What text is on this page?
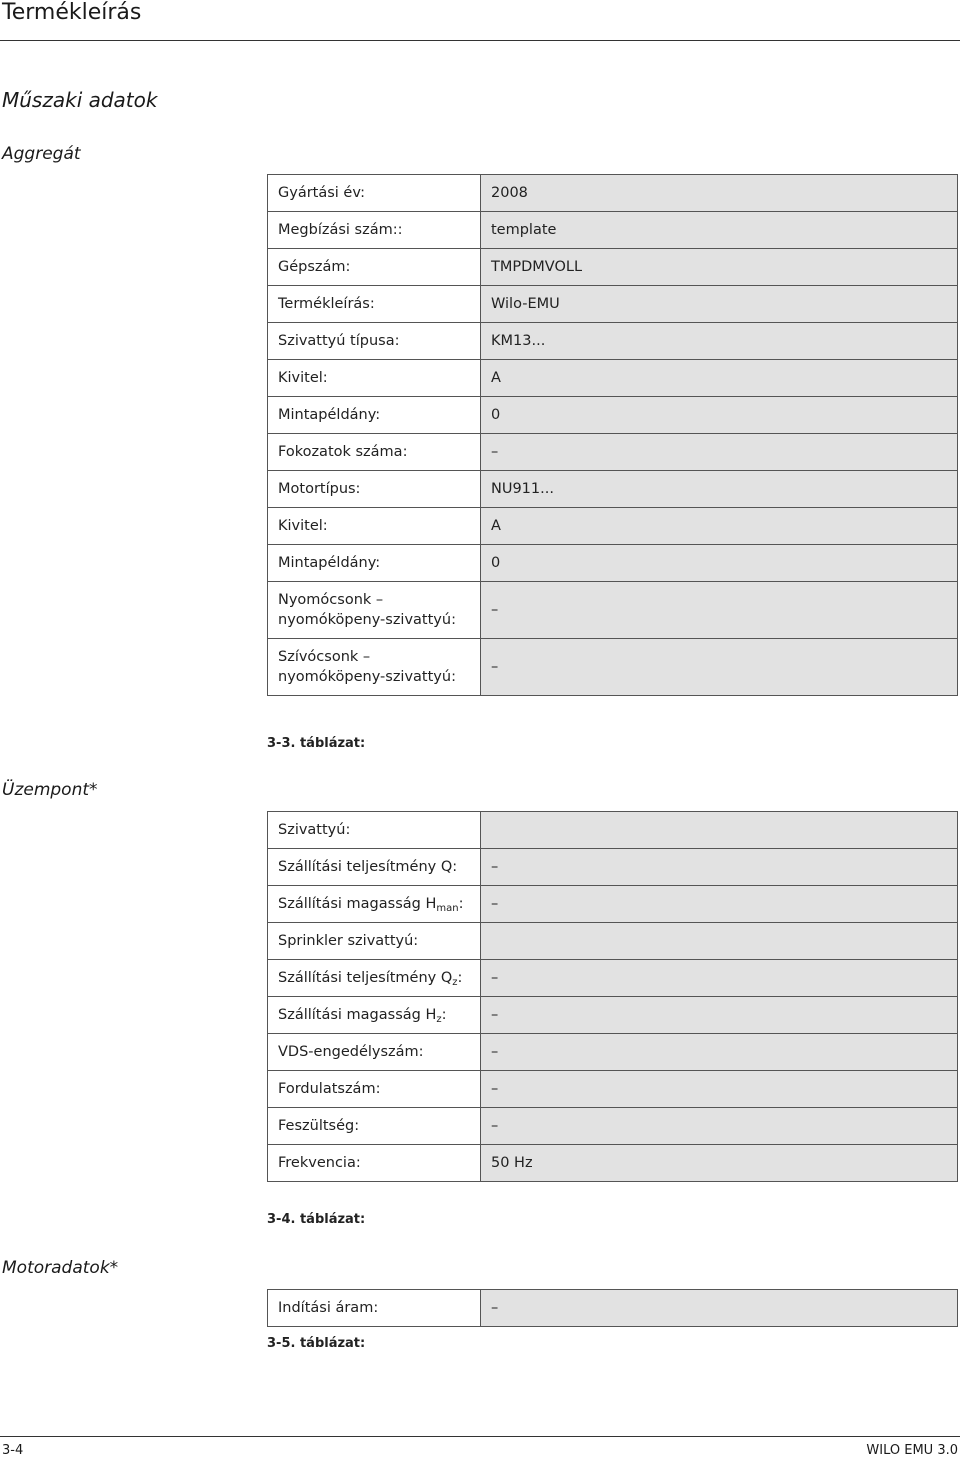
Termékleírás
Műszaki adatok
Aggregát
Gyártási év:	2008
Megbízási szám::	template
Gépszám:	TMPDMVOLL
Termékleírás:	Wilo-EMU
Szivattyú típusa:	KM13...
Kivitel:	A
Mintapéldány:	0
Fokozatok száma:	–
Motortípus:	NU911...
Kivitel:	A
Mintapéldány:	0
Nyomócsonk –
nyomóköpeny-szivattyú:	–
Szívócsonk –
nyomóköpeny-szivattyú:	–
3-3. táblázat:
Üzempont*
Szivattyú:	
Szállítási teljesítmény Q:	–
Szállítási magasság $H_{man}$:	–
Sprinkler szivattyú:	
Szállítási teljesítmény $Q_z$:	–
Szállítási magasság $H_z$:	–
VDS-engedélyszám:	–
Fordulatszám:	–
Feszültség:	–
Frekvencia:	50 Hz
3-4. táblázat:
Motoradatok*
Indítási áram:	–
3-5. táblázat:
3-4	WILO EMU 3.0
